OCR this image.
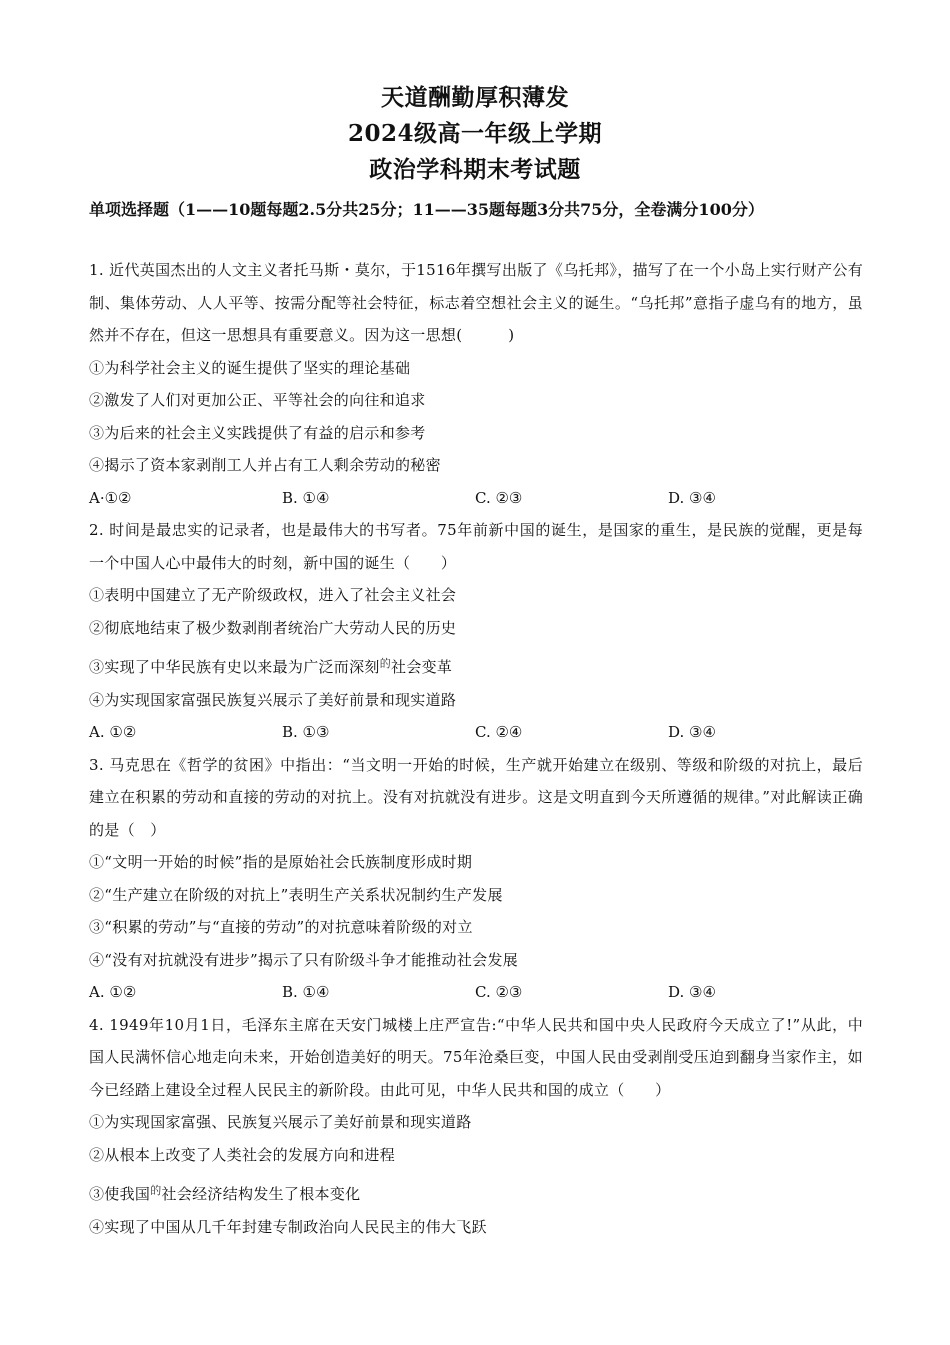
天道酬勤厚积薄发
2024级高一年级上学期
政治学科期末考试题
单项选择题（1——10题每题2.5分共25分；11——35题每题3分共75分，全卷满分100分）
1. 近代英国杰出的人文主义者托马斯・莫尔，于1516年撰写出版了《乌托邦》，描写了在一个小岛上实行财产公有制、集体劳动、人人平等、按需分配等社会特征，标志着空想社会主义的诞生。“乌托邦”意指子虚乌有的地方，虽然并不存在，但这一思想具有重要意义。因为这一思想(　　　)
①为科学社会主义的诞生提供了坚实的理论基础
②激发了人们对更加公正、平等社会的向往和追求
③为后来的社会主义实践提供了有益的启示和参考
④揭示了资本家剥削工人并占有工人剩余劳动的秘密
A·①②	B. ①④	C. ②③	D. ③④
2. 时间是最忠实的记录者，也是最伟大的书写者。75年前新中国的诞生，是国家的重生，是民族的觉醒，更是每一个中国人心中最伟大的时刻，新中国的诞生（　　）
①表明中国建立了无产阶级政权，进入了社会主义社会
②彻底地结束了极少数剥削者统治广大劳动人民的历史
③实现了中华民族有史以来最为广泛而深刻$^的$社会变革
④为实现国家富强民族复兴展示了美好前景和现实道路
A. ①②	B. ①③	C. ②④	D. ③④
3. 马克思在《哲学的贫困》中指出：“当文明一开始的时候，生产就开始建立在级别、等级和阶级的对抗上，最后建立在积累的劳动和直接的劳动的对抗上。没有对抗就没有进步。这是文明直到今天所遵循的规律。”对此解读正确的是（　）
①“文明一开始的时候”指的是原始社会氏族制度形成时期
②“生产建立在阶级的对抗上”表明生产关系状况制约生产发展
③“积累的劳动”与“直接的劳动”的对抗意味着阶级的对立
④“没有对抗就没有进步”揭示了只有阶级斗争才能推动社会发展
A. ①②	B. ①④	C. ②③	D. ③④
4. 1949年10月1日，毛泽东主席在天安门城楼上庄严宣告:“中华人民共和国中央人民政府今天成立了!”从此，中国人民满怀信心地走向未来，开始创造美好的明天。75年沧桑巨变，中国人民由受剥削受压迫到翻身当家作主，如今已经踏上建设全过程人民民主的新阶段。由此可见，中华人民共和国的成立（　　）
①为实现国家富强、民族复兴展示了美好前景和现实道路
②从根本上改变了人类社会的发展方向和进程
③使我国$^的$社会经济结构发生了根本变化
④实现了中国从几千年封建专制政治向人民民主的伟大飞跃
